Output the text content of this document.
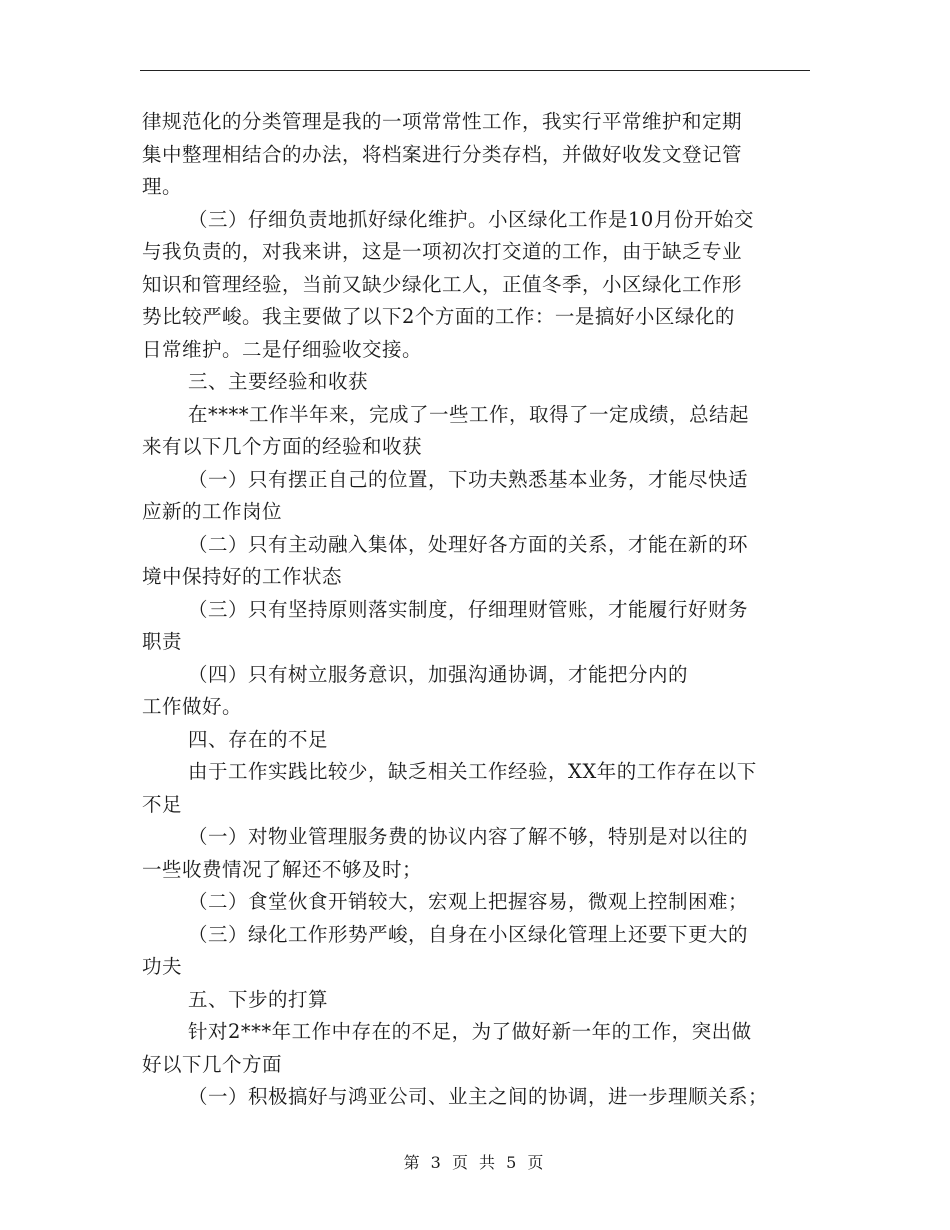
律规范化的分类管理是我的一项常常性工作，我实行平常维护和定期
集中整理相结合的办法，将档案进行分类存档，并做好收发文登记管
理。
（三）仔细负责地抓好绿化维护。小区绿化工作是10月份开始交
与我负责的，对我来讲，这是一项初次打交道的工作，由于缺乏专业
知识和管理经验，当前又缺少绿化工人，正值冬季，小区绿化工作形
势比较严峻。我主要做了以下2个方面的工作：一是搞好小区绿化的
日常维护。二是仔细验收交接。
三、主要经验和收获
在****工作半年来，完成了一些工作，取得了一定成绩，总结起
来有以下几个方面的经验和收获
（一）只有摆正自己的位置，下功夫熟悉基本业务，才能尽快适
应新的工作岗位
（二）只有主动融入集体，处理好各方面的关系，才能在新的环
境中保持好的工作状态
（三）只有坚持原则落实制度，仔细理财管账，才能履行好财务
职责
（四）只有树立服务意识，加强沟通协调，才能把分内的
工作做好。
四、存在的不足
由于工作实践比较少，缺乏相关工作经验，XX年的工作存在以下
不足
（一）对物业管理服务费的协议内容了解不够，特别是对以往的
一些收费情况了解还不够及时；
（二）食堂伙食开销较大，宏观上把握容易，微观上控制困难；
（三）绿化工作形势严峻，自身在小区绿化管理上还要下更大的
功夫
五、下步的打算
针对2***年工作中存在的不足，为了做好新一年的工作，突出做
好以下几个方面
（一）积极搞好与鸿亚公司、业主之间的协调，进一步理顺关系；
第 3 页 共 5 页
